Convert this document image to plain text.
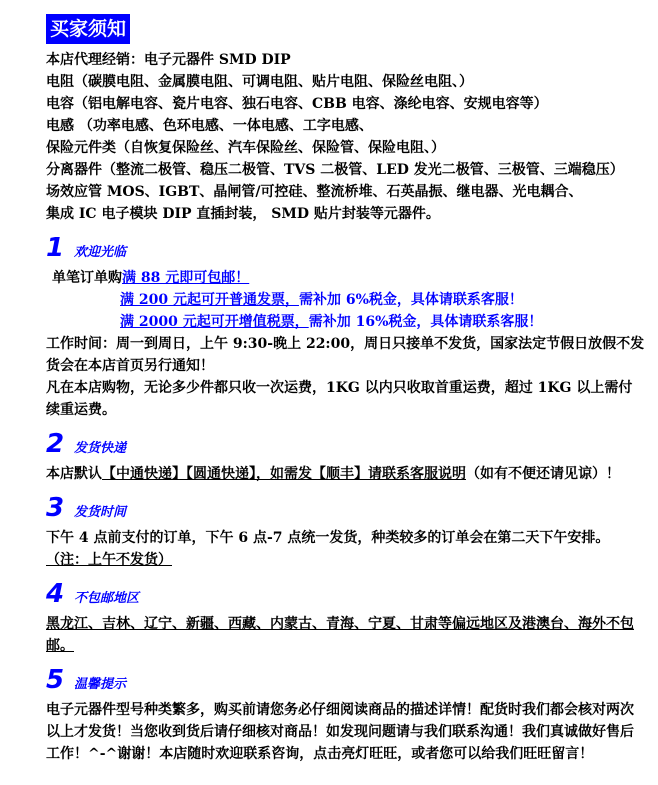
买家须知
本店代理经销：电子元器件 SMD DIP
电阻（碳膜电阻、金属膜电阻、可调电阻、贴片电阻、保险丝电阻、）
电容（铝电解电容、瓷片电容、独石电容、CBB 电容、涤纶电容、安规电容等）
电感 （功率电感、色环电感、一体电感、工字电感、
保险元件类（自恢复保险丝、汽车保险丝、保险管、保险电阻、）
分离器件（整流二极管、稳压二极管、TVS 二极管、LED 发光二极管、三极管、三端稳压）
场效应管 MOS、IGBT、晶闸管/可控硅、整流桥堆、石英晶振、继电器、光电耦合、
集成 IC 电子模块 DIP 直插封装， SMD 贴片封装等元器件。
1 欢迎光临
单笔订单购满 88 元即可包邮！
满 200 元起可开普通发票，需补加 6%税金，具体请联系客服！
满 2000 元起可开增值税票，需补加 16%税金，具体请联系客服！
工作时间：周一到周日，上午 9:30-晚上 22:00，周日只接单不发货，国家法定节假日放假不发货会在本店首页另行通知！
凡在本店购物，无论多少件都只收一次运费，1KG 以内只收取首重运费，超过 1KG 以上需付续重运费。
2 发货快递
本店默认【中通快递】【圆通快递】，如需发【顺丰】请联系客服说明（如有不便还请见谅）！
3 发货时间
下午 4 点前支付的订单，下午 6 点-7 点统一发货，种类较多的订单会在第二天下午安排。
（注：上午不发货）
4 不包邮地区
黑龙江、吉林、辽宁、新疆、西藏、内蒙古、青海、宁夏、甘肃等偏远地区及港澳台、海外不包邮。
5 温馨提示
电子元器件型号种类繁多，购买前请您务必仔细阅读商品的描述详情！配货时我们都会核对两次以上才发货！当您收到货后请仔细核对商品！如发现问题请与我们联系沟通！我们真诚做好售后工作！^-^谢谢！本店随时欢迎联系咨询，点击亮灯旺旺，或者您可以给我们旺旺留言！
